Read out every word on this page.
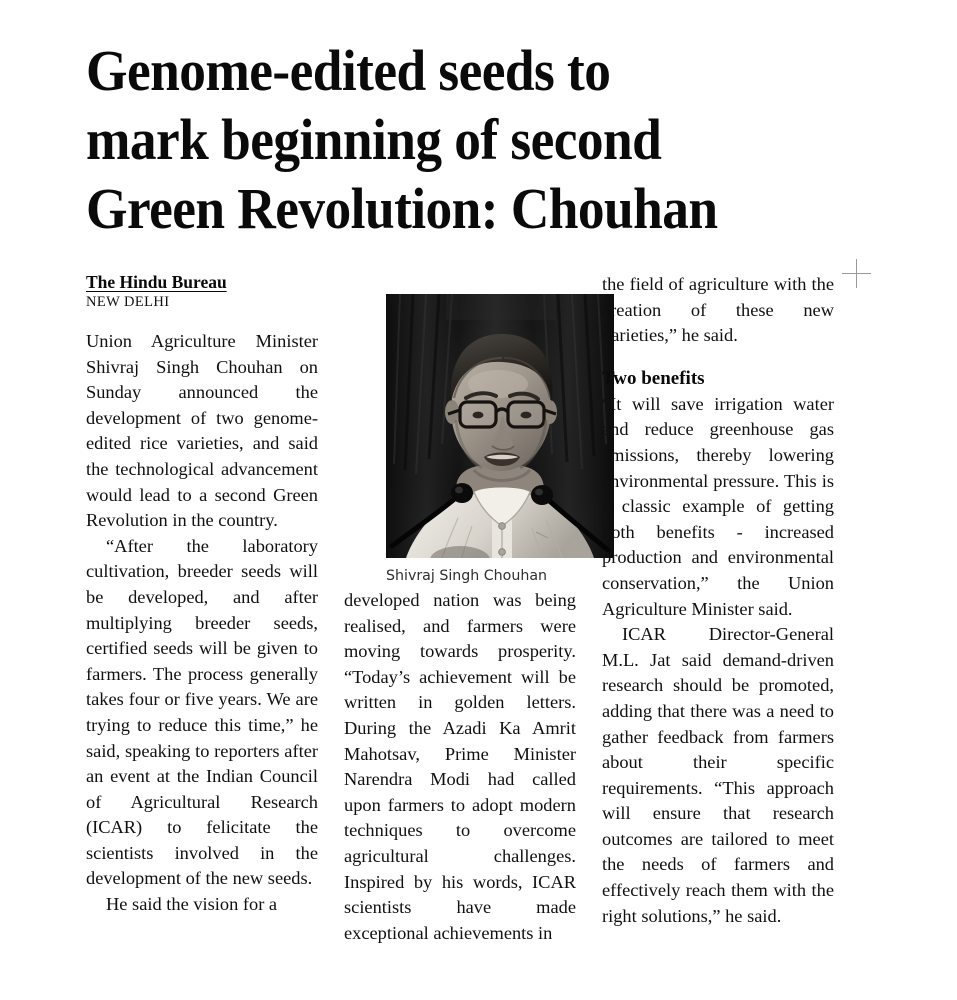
Genome-edited seeds to
mark beginning of second
Green Revolution: Chouhan
The Hindu Bureau
NEW DELHI

Union Agriculture Minister Shivraj Singh Chouhan on Sunday announced the development of two genome-edited rice varieties, and said the technological advancement would lead to a second Green Revolution in the country.

“After the laboratory cultivation, breeder seeds will be developed, and after multiplying breeder seeds, certified seeds will be given to farmers. The process generally takes four or five years. We are trying to reduce this time,” he said, speaking to reporters after an event at the Indian Council of Agricultural Research (ICAR) to felicitate the scientists involved in the development of the new seeds.

He said the vision for a

Shivraj Singh Chouhan

developed nation was being realised, and farmers were moving towards prosperity. “Today’s achievement will be written in golden letters. During the Azadi Ka Amrit Mahotsav, Prime Minister Narendra Modi had called upon farmers to adopt modern techniques to overcome agricultural challenges. Inspired by his words, ICAR scientists have made exceptional achievements in

the field of agriculture with the creation of these new varieties,” he said.

Two benefits

“It will save irrigation water and reduce greenhouse gas emissions, thereby lowering environmental pressure. This is a classic example of getting both benefits - increased production and environmental conservation,” the Union Agriculture Minister said.

ICAR Director-General M.L. Jat said demand-driven research should be promoted, adding that there was a need to gather feedback from farmers about their specific requirements. “This approach will ensure that research outcomes are tailored to meet the needs of farmers and effectively reach them with the right solutions,” he said.
